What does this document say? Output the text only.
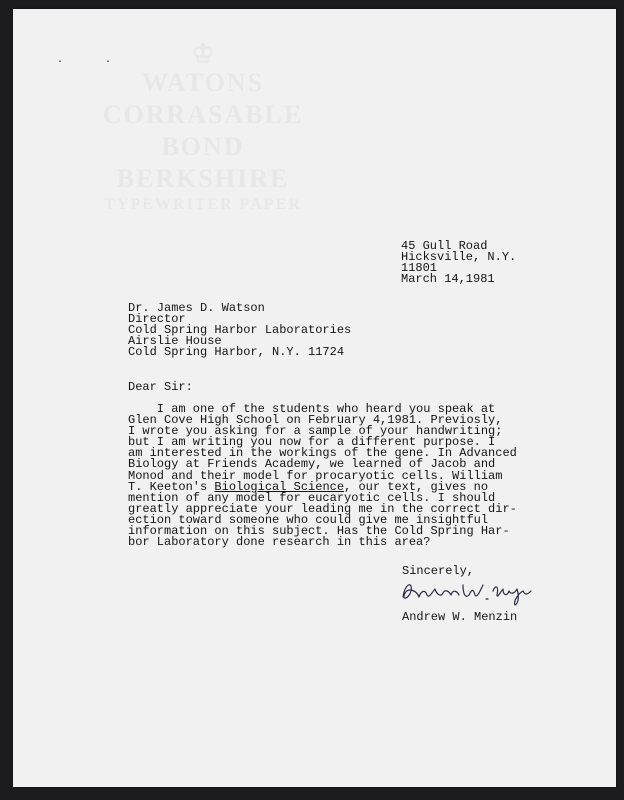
·       ·	♔
WATONS
CORRASABLE
BOND
BERKSHIRE
TYPEWRITER PAPER
45 Gull Road
Hicksville, N.Y.
11801
March 14,1981
Dr. James D. Watson
Director
Cold Spring Harbor Laboratories
Airslie House
Cold Spring Harbor, N.Y. 11724
Dear Sir:
I am one of the students who heard you speak at
Glen Cove High School on February 4,1981. Previosly,
I wrote you asking for a sample of your handwriting;
but I am writing you now for a different purpose. I
am interested in the workings of the gene. In Advanced
Biology at Friends Academy, we learned of Jacob and
Monod and their model for procaryotic cells. William
T. Keeton's Biological Science, our text, gives no
mention of any model for eucaryotic cells. I should
greatly appreciate your leading me in the correct dir-
ection toward someone who could give me insightful
information on this subject. Has the Cold Spring Har-
bor Laboratory done research in this area?
Sincerely,
Andrew W. Menzin
